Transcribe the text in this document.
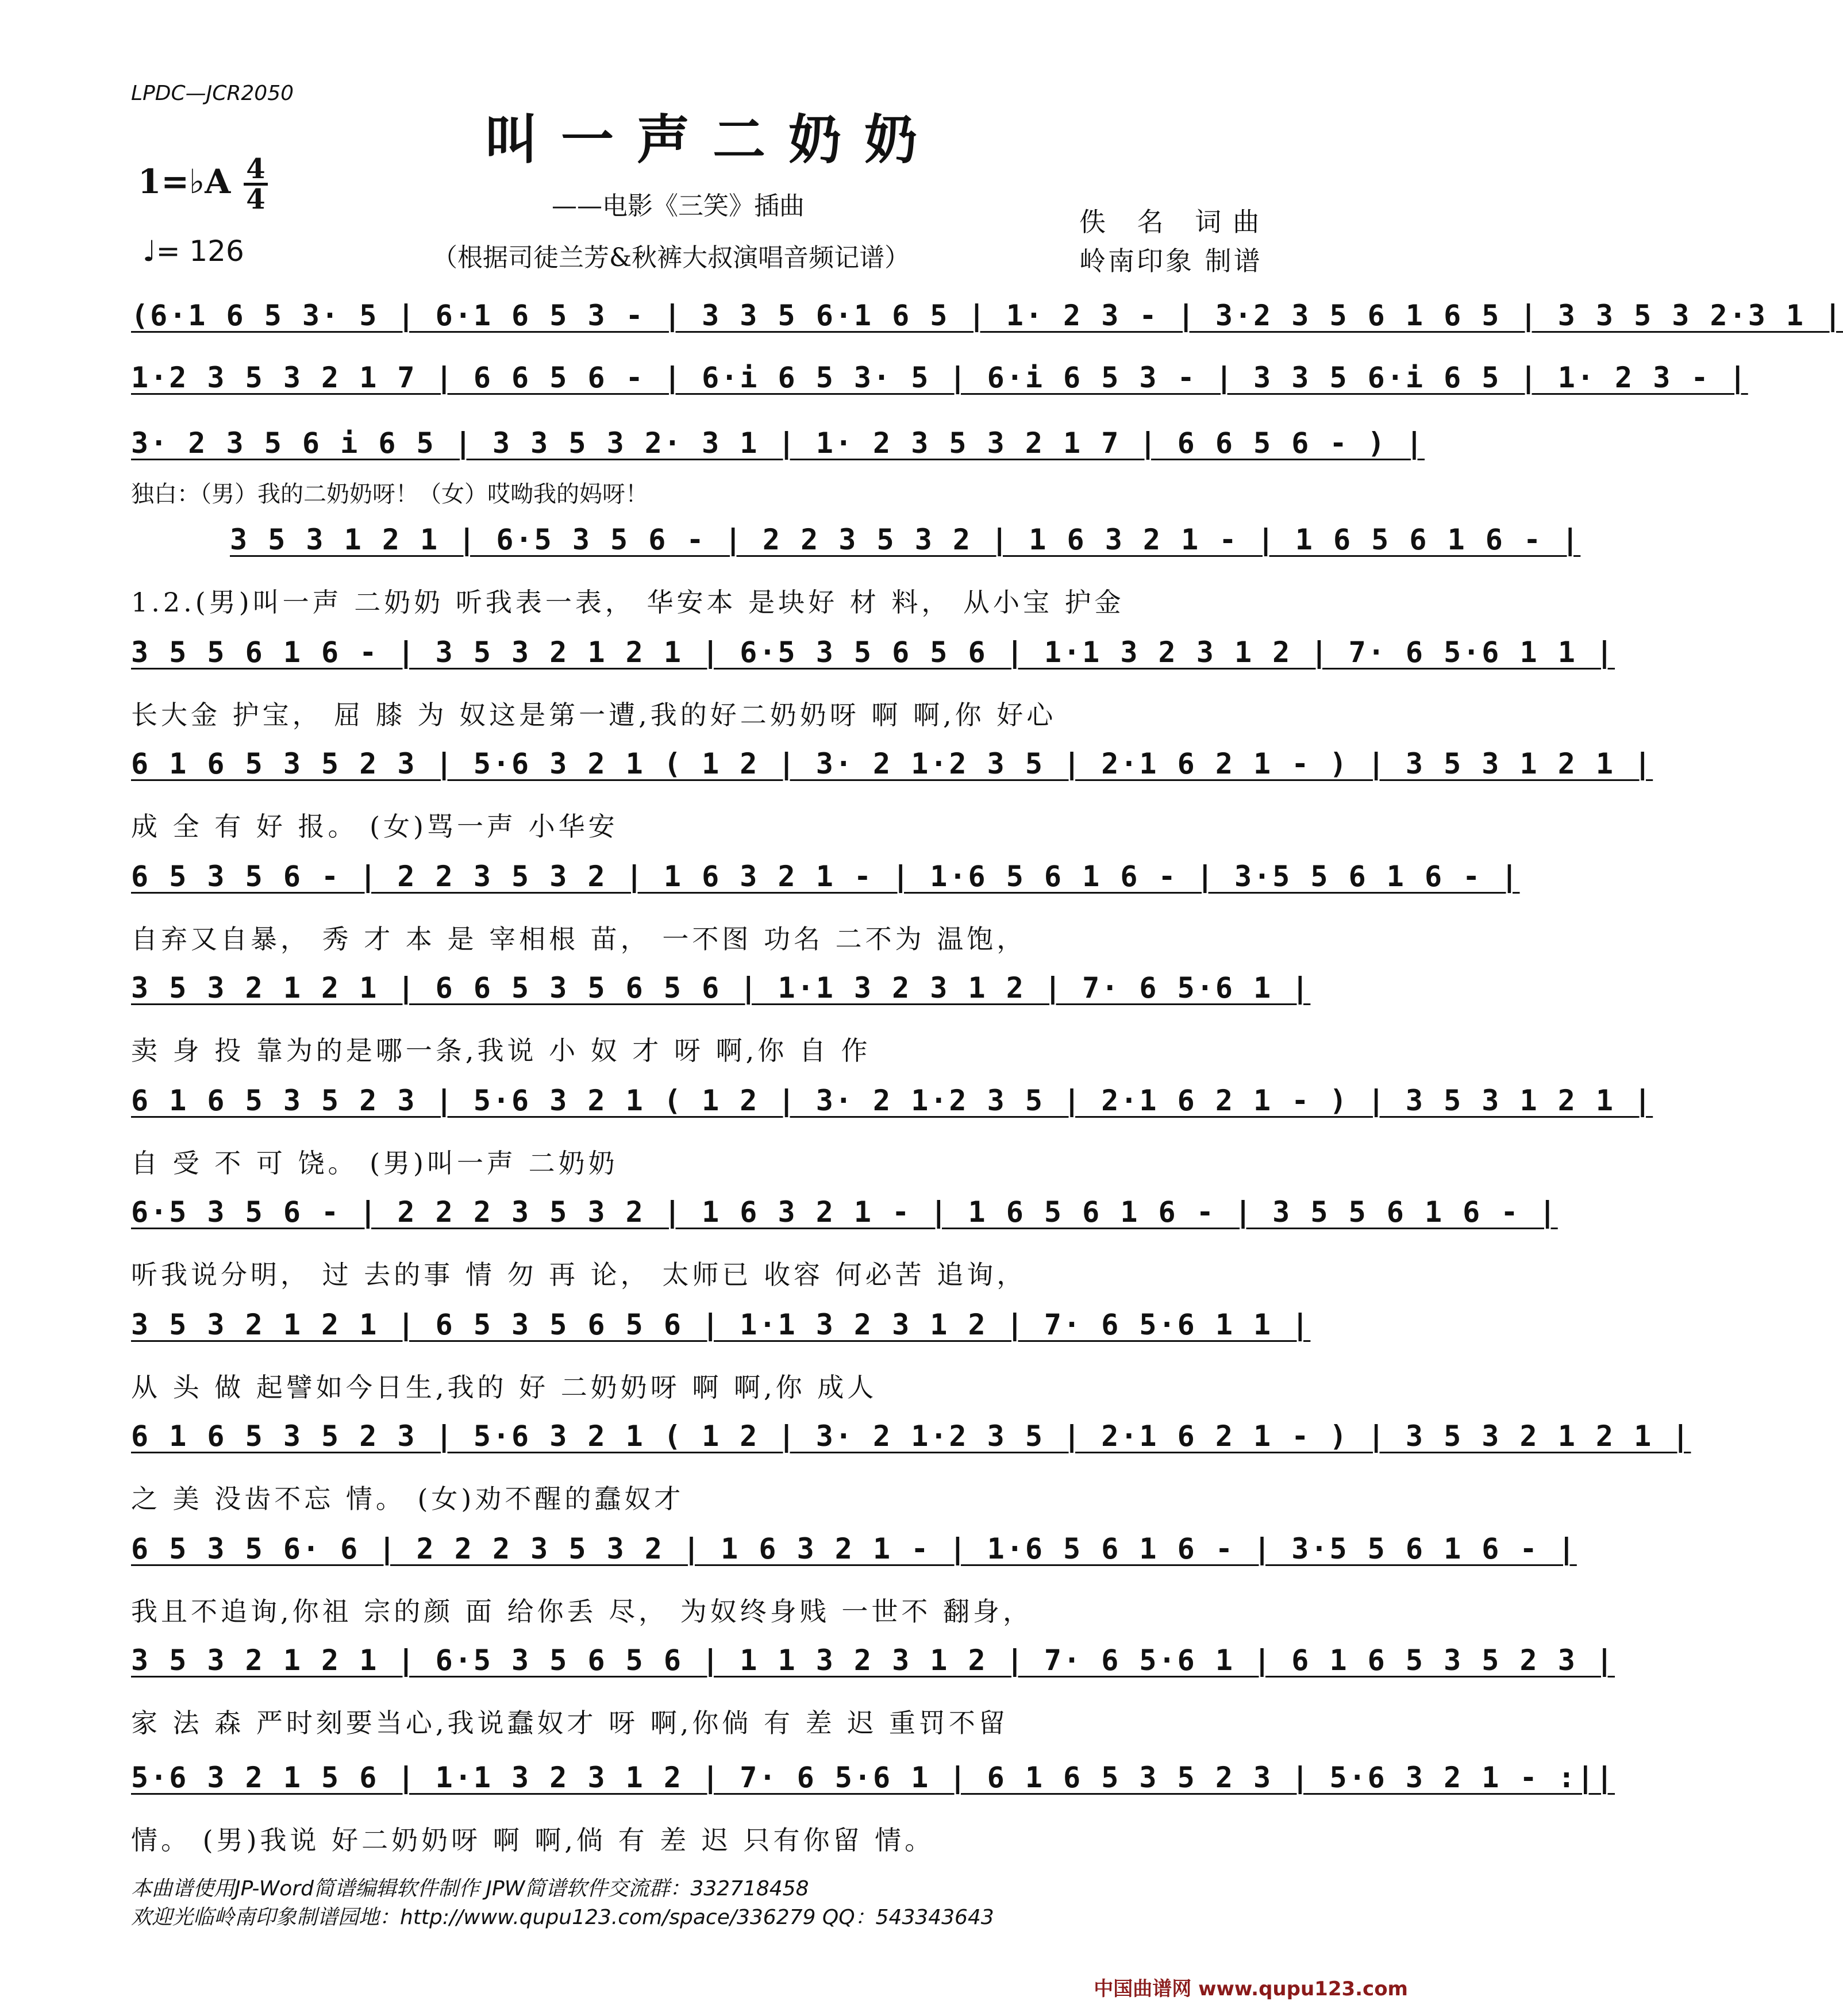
LPDC—JCR2050
叫一声二奶奶
1=♭A 4
4
♩= 126
——电影《三笑》插曲
（根据司徒兰芳&秋裤大叔演唱音频记谱）
佚 名 词曲
岭南印象 制谱
(6·1 6 5 3· 5 | 6·1 6 5 3 - | 3 3 5 6·1 6 5 | 1· 2 3 - | 3·2 3 5 6 1 6 5 | 3 3 5 3 2·3 1 |
1·2 3 5 3 2 1 7 | 6 6 5 6 - | 6·i 6 5 3· 5 | 6·i 6 5 3 - | 3 3 5 6·i 6 5 | 1· 2 3 - |
3· 2 3 5 6 i 6 5 | 3 3 5 3 2· 3 1 | 1· 2 3 5 3 2 1 7 | 6 6 5 6 - ) |
独白：（男）我的二奶奶呀！（女）哎呦我的妈呀！
3 5 3 1 2 1 | 6·5 3 5 6 - | 2 2 3 5 3 2 | 1 6 3 2 1 - | 1 6 5 6 1 6 - |
1.2.(男)叫一声 二奶奶 听我表一表， 华安本 是块好 材 料， 从小宝 护金
3 5 5 6 1 6 - | 3 5 3 2 1 2 1 | 6·5 3 5 6 5 6 | 1·1 3 2 3 1 2 | 7· 6 5·6 1 1 |
长大金 护宝， 屈 膝 为 奴这是第一遭,我的好二奶奶呀 啊 啊,你 好心
6 1 6 5 3 5 2 3 | 5·6 3 2 1 ( 1 2 | 3· 2 1·2 3 5 | 2·1 6 2 1 - ) | 3 5 3 1 2 1 |
成 全 有 好 报。 (女)骂一声 小华安
6 5 3 5 6 - | 2 2 3 5 3 2 | 1 6 3 2 1 - | 1·6 5 6 1 6 - | 3·5 5 6 1 6 - |
自弃又自暴， 秀 才 本 是 宰相根 苗， 一不图 功名 二不为 温饱，
3 5 3 2 1 2 1 | 6 6 5 3 5 6 5 6 | 1·1 3 2 3 1 2 | 7· 6 5·6 1 |
卖 身 投 靠为的是哪一条,我说 小 奴 才 呀 啊,你 自 作
6 1 6 5 3 5 2 3 | 5·6 3 2 1 ( 1 2 | 3· 2 1·2 3 5 | 2·1 6 2 1 - ) | 3 5 3 1 2 1 |
自 受 不 可 饶。 (男)叫一声 二奶奶
6·5 3 5 6 - | 2 2 2 3 5 3 2 | 1 6 3 2 1 - | 1 6 5 6 1 6 - | 3 5 5 6 1 6 - |
听我说分明， 过 去的事 情 勿 再 论， 太师已 收容 何必苦 追询，
3 5 3 2 1 2 1 | 6 5 3 5 6 5 6 | 1·1 3 2 3 1 2 | 7· 6 5·6 1 1 |
从 头 做 起譬如今日生,我的 好 二奶奶呀 啊 啊,你 成人
6 1 6 5 3 5 2 3 | 5·6 3 2 1 ( 1 2 | 3· 2 1·2 3 5 | 2·1 6 2 1 - ) | 3 5 3 2 1 2 1 |
之 美 没齿不忘 情。 (女)劝不醒的蠢奴才
6 5 3 5 6· 6 | 2 2 2 3 5 3 2 | 1 6 3 2 1 - | 1·6 5 6 1 6 - | 3·5 5 6 1 6 - |
我且不追询,你祖 宗的颜 面 给你丢 尽， 为奴终身贱 一世不 翻身，
3 5 3 2 1 2 1 | 6·5 3 5 6 5 6 | 1 1 3 2 3 1 2 | 7· 6 5·6 1 | 6 1 6 5 3 5 2 3 |
家 法 森 严时刻要当心,我说蠢奴才 呀 啊,你倘 有 差 迟 重罚不留
5·6 3 2 1 5 6 | 1·1 3 2 3 1 2 | 7· 6 5·6 1 | 6 1 6 5 3 5 2 3 | 5·6 3 2 1 - :||
情。 (男)我说 好二奶奶呀 啊 啊,倘 有 差 迟 只有你留 情。
本曲谱使用JP-Word简谱编辑软件制作 JPW简谱软件交流群：332718458
欢迎光临岭南印象制谱园地：http://www.qupu123.com/space/336279 QQ：543343643
中国曲谱网 www.qupu123.com
